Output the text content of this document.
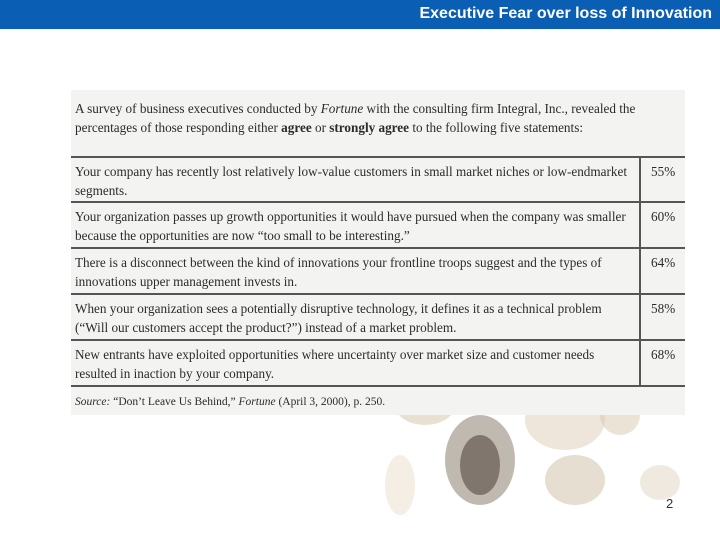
Executive Fear over loss of Innovation
A survey of business executives conducted by Fortune with the consulting firm Integral, Inc., revealed the percentages of those responding either agree or strongly agree to the following five statements:
Your company has recently lost relatively low-value customers in small market niches or low-endmarket segments.
55%
Your organization passes up growth opportunities it would have pursued when the company was smaller because the opportunities are now “too small to be interesting.”
60%
There is a disconnect between the kind of innovations your frontline troops suggest and the types of innovations upper management invests in.
64%
When your organization sees a potentially disruptive technology, it defines it as a technical problem (“Will our customers accept the product?”) instead of a market problem.
58%
New entrants have exploited opportunities where uncertainty over market size and customer needs resulted in inaction by your company.
68%
Source: “Don’t Leave Us Behind,” Fortune (April 3, 2000), p. 250.
2
